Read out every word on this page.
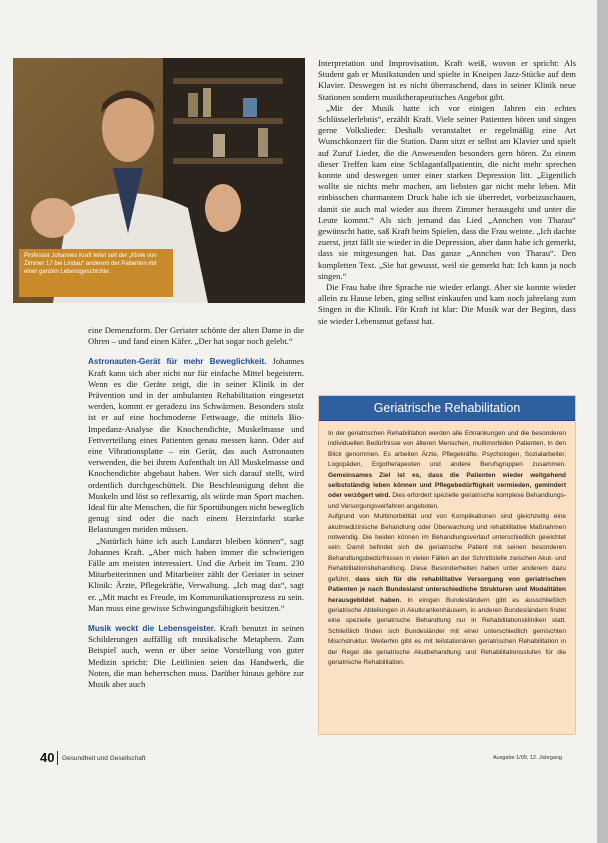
Professor Johannes Kraft leitet seit der „Klinik von Zimmer 17 bei Lindau“ anderem der Patienten mit einer ganzen Lebensgeschichte.

eine Demenzform. Der Geriater schönte der alten Dame in die Ohren – und fand einen Käfer. „Der hat sogar noch gelebt.“

Astronauten-Gerät für mehr Beweglichkeit. Johannes Kraft kann sich aber nicht nur für einfache Mittel begeistern. Wenn es die Geräte zeigt, die in seiner Klinik in der Prävention und in der ambulanten Rehabilitation eingesetzt werden, kommt er geradezu ins Schwärmen. Besonders stolz ist er auf eine hochmoderne Fettwaage, die mittels Bio-Impedanz-Analyse die Knochendichte, Muskelmasse und Fettverteilung eines Patienten genau messen kann. Oder auf eine Vibrationsplatte – ein Gerät, das auch Astronauten verwenden, die bei ihrem Aufenthalt im All Muskelmasse und Knochendichte abgebaut haben. Wer sich darauf stellt, wird ordentlich durchgeschüttelt. Die Beschleunigung dehnt die Muskeln und löst so reflexartig, als würde man Sport machen. Ideal für alte Menschen, die für Sportübungen nicht beweglich genug sind oder die nach einem Herzinfarkt starke Belastungen meiden müssen.

„Natürlich hätte ich auch Landarzt bleiben können“, sagt Johannes Kraft. „Aber mich haben immer die schwierigen Fälle am meisten interessiert. Und die Arbeit im Team. 230 Mitarbeiterinnen und Mitarbeiter zählt der Geriater in seiner Klinik: Ärzte, Pflegekräfte, Verwaltung. „Ich mag das“, sagt er. „Mit macht es Freude, im Kommunikationsprozess zu sein. Man muss eine gewisse Schwingungsfähigkeit besitzen.“

Musik weckt die Lebensgeister. Kraft benutzt in seinen Schilderungen auffällig oft musikalische Metaphern. Zum Beispiel auch, wenn er über seine Vorstellung von guter Medizin spricht: Die Leitlinien seien das Handwerk, die Noten, die man beherrschen muss. Darüber hinaus gehöre zur Musik aber auch

Interpretation und Improvisation. Kraft weiß, wovon er spricht: Als Student gab er Musikstunden und spielte in Kneipen Jazz-Stücke auf dem Klavier. Deswegen ist es nicht überraschend, dass in seiner Klinik neue Stationen sondern musiktherapeutisches Angebot gibt.

„Mir der Musik hatte ich vor einigen Jahren ein echtes Schlüsselerlebnis“, erzählt Kraft. Viele seiner Patienten hören und singen gerne Volkslieder. Deshalb veranstaltet er regelmäßig eine Art Wunschkonzert für die Station. Dann sitzt er selbst am Klavier und spielt auf Zuruf Lieder, die die Anwesenden besonders gern hören. Zu einem dieser Treffen kam eine Schlaganfallpatientin, die nicht mehr sprechen konnte und deswegen unter einer starken Depression litt. „Eigentlich wollte sie nichts mehr machen, am liebsten gar nicht mehr leben. Mit einbisschen charmantem Druck habe ich sie überredet, vorbeizuschauen, damit sie auch mal wieder aus ihrem Zimmer herausgeht und unter die Leute kommt.“ Als sich jemand das Lied „Annchen von Tharau“ gewünscht hatte, saß Kraft beim Spielen, dass die Frau weinte. „Ich dachte zuerst, jetzt fällt sie wieder in die Depression, aber dann habe ich gemerkt, dass sie mitgesungen hat. Das ganze „Annchen von Tharau“. Den kompletten Text. „Sie hat gewusst, weil sie gemerkt hat: Ich kann ja noch singen.“

Die Frau habe ihre Sprache nie wieder erlangt. Aber sie konnte wieder allein zu Hause leben, ging selbst einkaufen und kam noch jahrelang zum Singen in die Klinik. Für Kraft ist klar: Die Musik war der Beginn, dass sie wieder Lebensmut gefasst hat.

Geriatrische Rehabilitation

In der geriatrischen Rehabilitation werden alle Erkrankungen und die besonderen individuellen Bedürfnisse von älteren Menschen, multimorbiden Patienten, in den Blick genommen. Es arbeiten Ärzte, Pflegekräfte, Psychologen, Sozialarbeiter, Logopäden, Ergotherapeuten und andere Berufsgruppen zusammen. Gemeinsames Ziel ist es, dass die Patienten wieder weitgehend selbstständig leben können und Pflegebedürftigkeit vermieden, gemindert oder verzögert wird. Dies erfordert spezielle geriatrische komplexe Behandlungs- und Versorgungsverfahren angeboten.

Aufgrund von Multimorbidität und von Komplikationen sind gleichzeitig eine akutmedizinische Behandlung oder Überwachung und rehabilitative Maßnahmen notwendig. Die beiden können im Behandlungsverlauf unterschiedlich gewichtet sein. Damit befindet sich die geriatrische Patient mit seinen besonderen Behandlungsbedürfnissen in vielen Fällen an der Schnittstelle zwischen Akut- und Rehabilitationsbehandlung. Diese Besonderheiten haben unter anderem dazu geführt, dass sich für die rehabilitative Versorgung von geriatrischen Patienten je nach Bundesland unterschiedliche Strukturen und Modalitäten herausgebildet haben. In einigen Bundesländern gibt es ausschließlich geriatrische Abteilungen in Akutkrankenhäusern, in anderen Bundesländern findet eine spezielle geriatrische Behandlung nur in Rehabilitationskliniken statt. Schließlich finden sich Bundesländer mit einer unterschiedlich gemischten Mischstruktur. Weiterhin gibt es mit teilstationären geriatrischen Rehabilitation in der Regel die geriatrische Akutbehandlung und Rehabilitationsstufen für die geriatrische Rehabilitation.

40 Gesundheit und Gesellschaft	Ausgabe 1/09, 12. Jahrgang
